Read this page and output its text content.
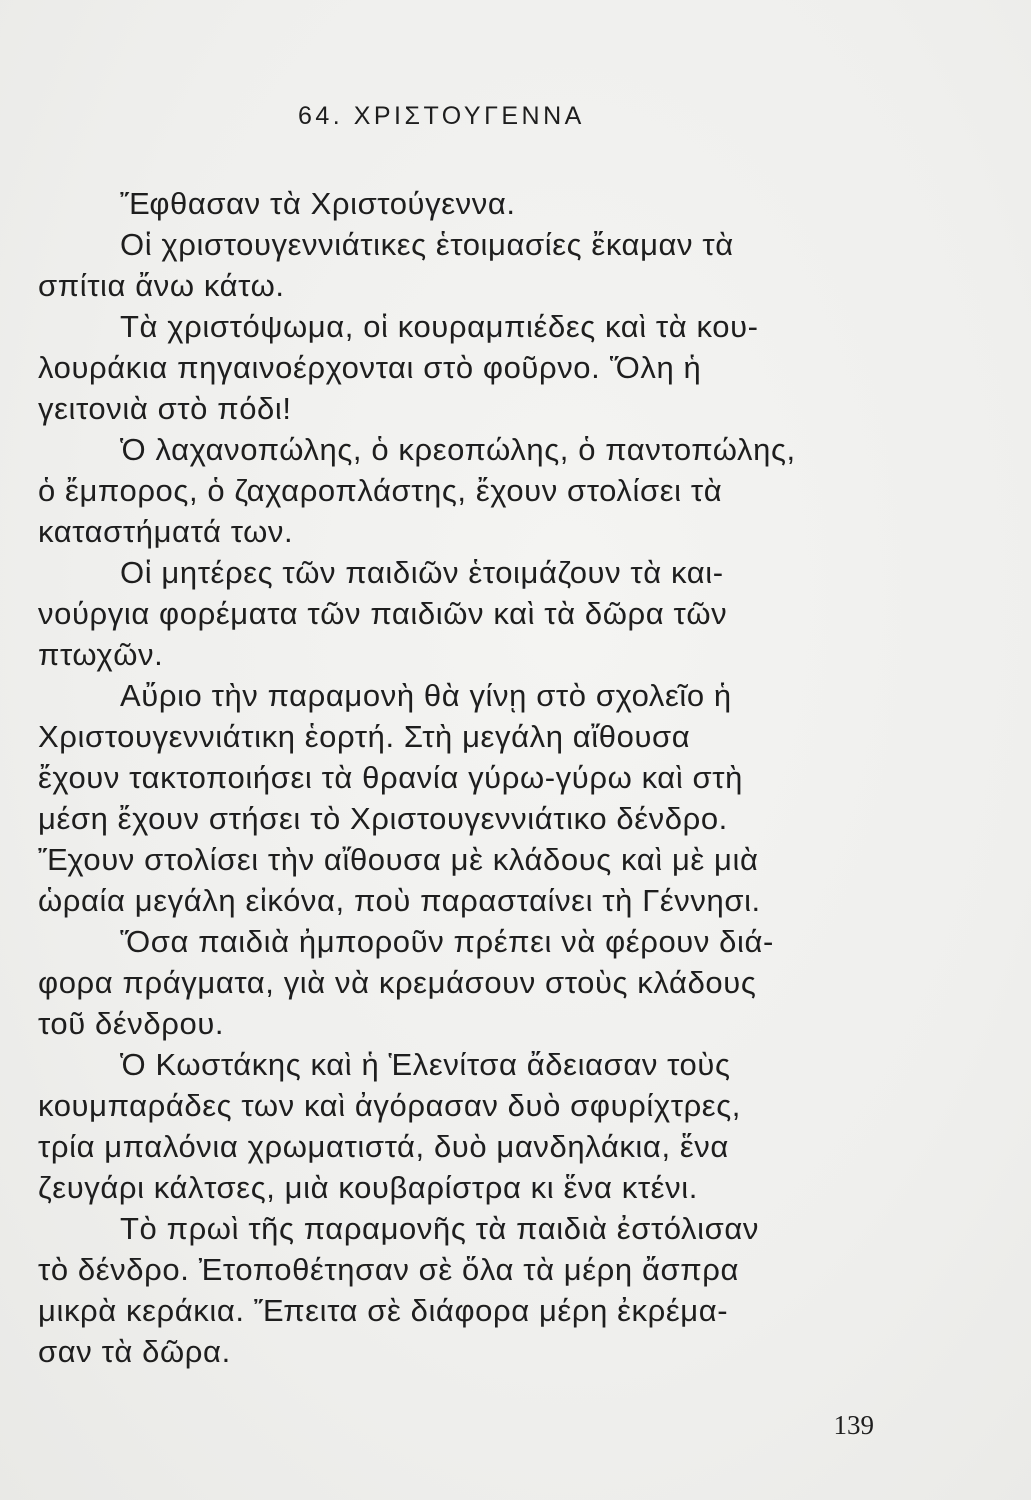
64. ΧΡΙΣΤΟΥΓΕΝΝΑ
Ἔφθασαν τὰ Χριστούγεννα.
Οἱ χριστουγεννιάτικες ἑτοιμασίες ἔκαμαν τὰ
σπίτια ἄνω κάτω.
Τὰ χριστόψωμα, οἱ κουραμπιέδες καὶ τὰ κου-
λουράκια πηγαινοέρχονται στὸ φοῦρνο. Ὅλη ἡ
γειτονιὰ στὸ πόδι!
Ὁ λαχανοπώλης, ὁ κρεοπώλης, ὁ παντοπώλης,
ὁ ἔμπορος, ὁ ζαχαροπλάστης, ἔχουν στολίσει τὰ
καταστήματά των.
Οἱ μητέρες τῶν παιδιῶν ἑτοιμάζουν τὰ και-
νούργια φορέματα τῶν παιδιῶν καὶ τὰ δῶρα τῶν
πτωχῶν.
Αὔριο τὴν παραμονὴ θὰ γίνῃ στὸ σχολεῖο ἡ
Χριστουγεννιάτικη ἑορτή. Στὴ μεγάλη αἴθουσα
ἔχουν τακτοποιήσει τὰ θρανία γύρω-γύρω καὶ στὴ
μέση ἔχουν στήσει τὸ Χριστουγεννιάτικο δένδρο.
Ἔχουν στολίσει τὴν αἴθουσα μὲ κλάδους καὶ μὲ μιὰ
ὡραία μεγάλη εἰκόνα, ποὺ παρασταίνει τὴ Γέννησι.
Ὅσα παιδιὰ ἠμποροῦν πρέπει νὰ φέρουν διά-
φορα πράγματα, γιὰ νὰ κρεμάσουν στοὺς κλάδους
τοῦ δένδρου.
Ὁ Κωστάκης καὶ ἡ Ἑλενίτσα ἄδειασαν τοὺς
κουμπαράδες των καὶ ἀγόρασαν δυὸ σφυρίχτρες,
τρία μπαλόνια χρωματιστά, δυὸ μανδηλάκια, ἕνα
ζευγάρι κάλτσες, μιὰ κουβαρίστρα κι ἕνα κτένι.
Τὸ πρωὶ τῆς παραμονῆς τὰ παιδιὰ ἐστόλισαν
τὸ δένδρο. Ἐτοποθέτησαν σὲ ὅλα τὰ μέρη ἄσπρα
μικρὰ κεράκια. Ἔπειτα σὲ διάφορα μέρη ἐκρέμα-
σαν τὰ δῶρα.
139
